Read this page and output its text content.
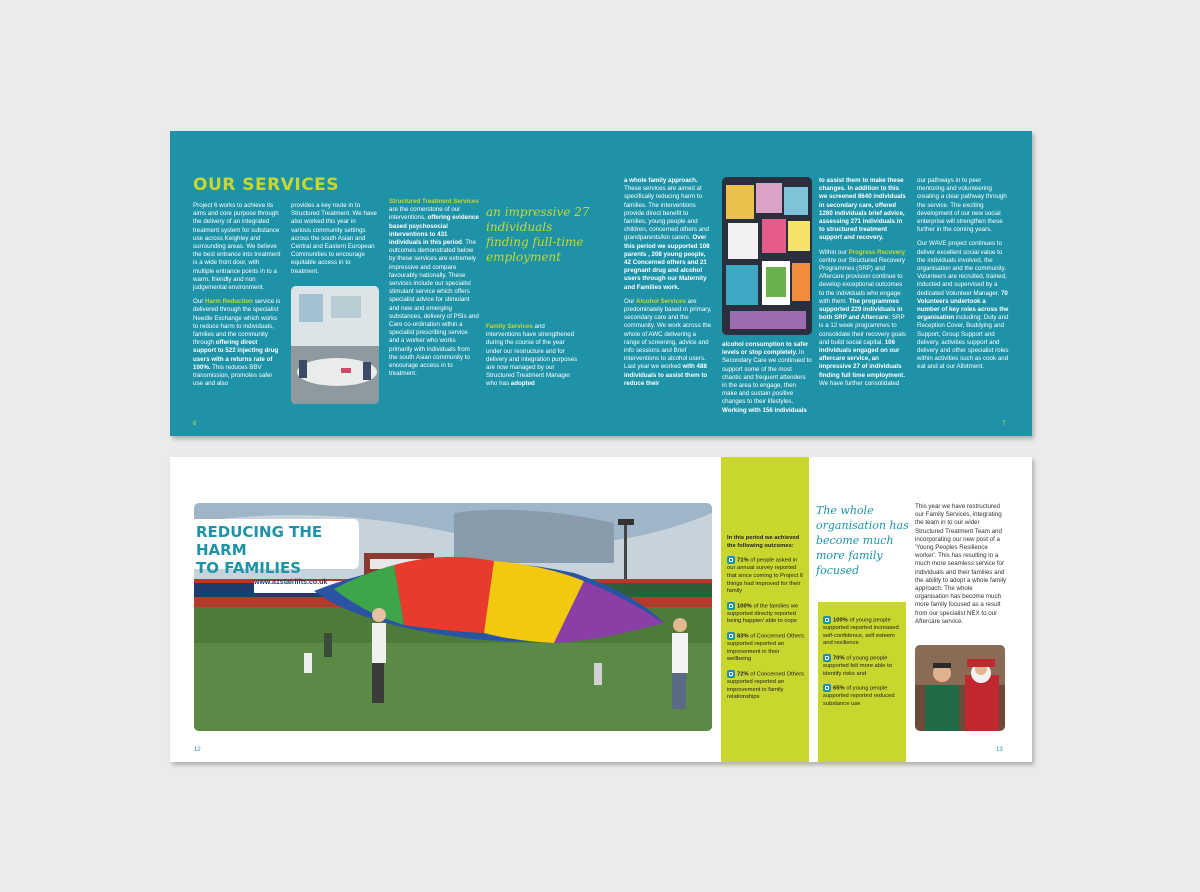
OUR SERVICES

Project 6 works to achieve its aims and core purpose through the delivery of an integrated treatment system for substance use across Keighley and surrounding areas. We believe the best entrance into treatment is a wide front door, with multiple entrance points in to a warm, friendly and non judgemental environment.

Our Harm Reduction service is delivered through the specialist Needle Exchange which works to reduce harm to individuals, families and the community through offering direct support to 522 injecting drug users with a returns rate of 100%. This reduces BBV transmission, promotes safer use and also

provides a key route in to Structured Treatment. We have also worked this year in various community settings across the south Asian and Central and Eastern European Communities to encourage equitable access in to treatment.

Structured Treatment Services are the cornerstone of our interventions, offering evidence based psychosocial interventions to 431 individuals in this period. The outcomes demonstrated below by these services are extremely impressive and compare favourably nationally. These services include our specialist stimulant service which offers specialist advice for stimulant and new and emerging substances, delivery of PSIs and Care co-ordination within a specialist prescribing service and a worker who works primarily with individuals from the south Asian community to encourage access in to treatment.

an impressive 27 individuals finding full-time employment

Family Services and interventions have strengthened during the course of the year under our restructure and for delivery and integration purposes are now managed by our Structured Treatment Manager who has adopted

a whole family approach. These services are aimed at specifically reducing harm to families. The interventions provide direct benefit to families, young people and children, concerned others and grandparents/kin carers. Over this period we supported 108 parents , 208 young people, 42 Concerned others and 21 pregnant drug and alcohol users through our Maternity and Families work.

Our Alcohol Services are predominately based in primary, secondary care and the community. We work across the whole of AWC delivering a range of screening, advice and info sessions and Brief interventions to alcohol users. Last year we worked with 488 individuals to assist them to reduce their

alcohol consumption to safer levels or stop completely. In Secondary Care we continued to support some of the most chaotic and frequent attenders in the area to engage, then make and sustain positive changes to their lifestyles. Working with 156 individuals

to assist them to make these changes. In addition to this we screened 8640 individuals in secondary care, offered 1280 individuals brief advice, assessing 271 individuals in to structured treatment support and recovery.

Within our Progress Recovery centre our Structured Recovery Programmes (SRP) and Aftercare provision continue to develop exceptional outcomes to the individuals who engage with them. The programmes supported 229 individuals in both SRP and Aftercare: SRP is a 12 week programmes to consolidate their recovery goals and build social capital. 106 individuals engaged on our aftercare service, an impressive 27 of individuals finding full time employment. We have further consolidated

our pathways in to peer mentoring and volunteering creating a clear pathway through the service. The exciting development of our new social enterprise will strengthen these further in the coming years.

Our WAVE project continues to deliver excellent social value to the individuals involved, the organisation and the community. Volunteers are recruited, trained, inducted and supervised by a dedicated Volunteer Manager. 70 Volunteers undertook a number of key roles across the organisation including; Duty and Reception Cover, Buddying and Support, Group Support and delivery, activities support and delivery and other specialist roles within activities such as cook and eat and at our Allotment.

6	7
www.a1stairlifts.co.uk
REDUCING THE HARM
TO FAMILIES

In this period we achieved the following outcomes:

71% of people asked in our annual survey reported that since coming to Project 6 things had improved for their family

100% of the families we supported directly reported being happier/ able to cope

83% of Concerned Others supported reported an improvement in their wellbeing

72% of Concerned Others supported reported an improvement in family relationships

The whole organisation has become much more family focused

100% of young people supported reported increased self-confidence, self esteem and resilience

70% of young people supported felt more able to identify risks and

65% of young people supported reported reduced substance use

This year we have restructured our Family Services, integrating the team in to our wider Structured Treatment Team and incorporating our new post of a 'Young Peoples Resilience worker'. This has resulting in a much more seamless service for individuals and their families and the ability to adopt a whole family approach. The whole organisation has become much more family focused as a result from our specialist NEX to our Aftercare service.

12	13
